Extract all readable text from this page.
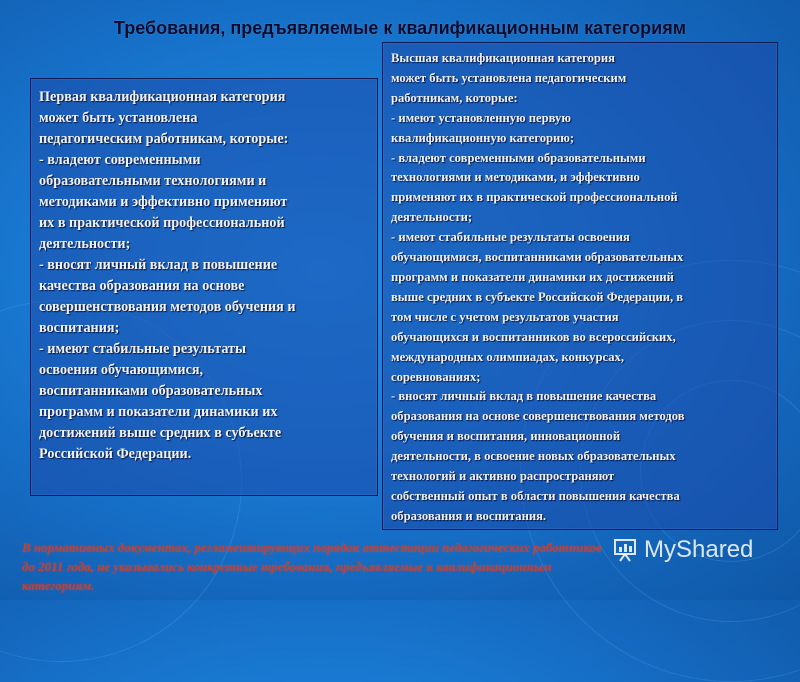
Требования, предъявляемые к квалификационным категориям
Первая квалификационная категория
может быть установлена
педагогическим работникам, которые:
- владеют современными
образовательными технологиями и
методиками и эффективно применяют
их в практической профессиональной
деятельности;
- вносят личный вклад в повышение
качества образования на основе
совершенствования методов обучения и
воспитания;
- имеют стабильные результаты
освоения обучающимися,
воспитанниками образовательных
программ и показатели динамики их
достижений выше средних в субъекте
Российской Федерации.
Высшая квалификационная категория
может быть установлена педагогическим
работникам, которые:
- имеют установленную первую
квалификационную категорию;
- владеют современными образовательными
технологиями и методиками, и эффективно
применяют их в практической профессиональной
деятельности;
- имеют стабильные результаты освоения
обучающимися, воспитанниками образовательных
программ и показатели динамики их достижений
выше средних в субъекте Российской Федерации, в
том числе с учетом результатов участия
обучающихся и воспитанников во всероссийских,
международных олимпиадах, конкурсах,
соревнованиях;
- вносят личный вклад в повышение качества
образования на основе совершенствования методов
обучения и воспитания, инновационной
деятельности, в освоение новых образовательных
технологий и активно распространяют
собственный опыт в области повышения качества
образования и воспитания.
В нормативных документах, регламентирующих порядок аттестации педагогических работников
до 2011 года, не указывались конкретные требования, предъявляемые к квалификационным
категориям.
MyShared
